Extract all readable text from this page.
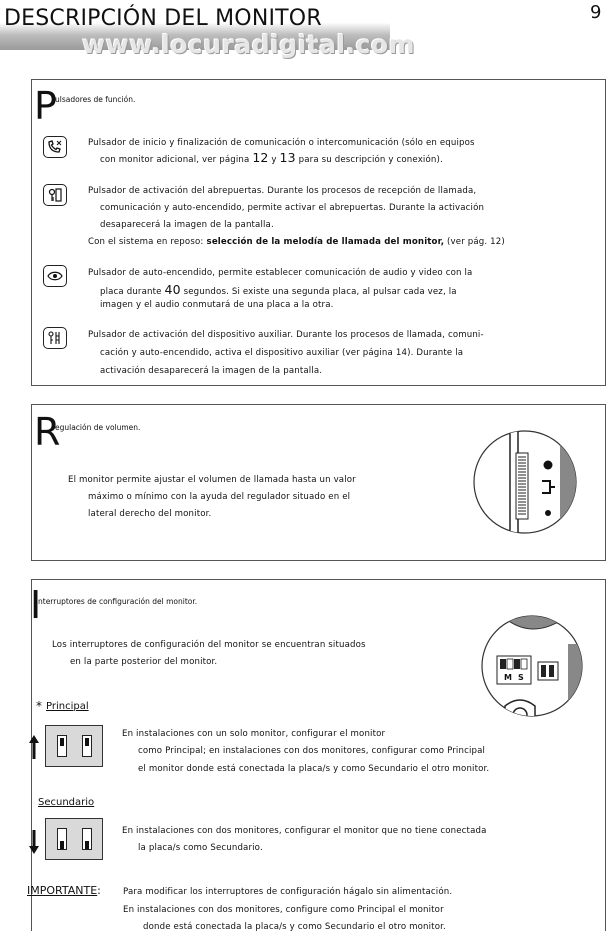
DESCRIPCIÓN DEL MONITOR
www.locuradigital.com
9
P
ulsadores de función.
Pulsador de inicio y finalización de comunicación o intercomunicación (sólo en equipos
con monitor adicional, ver página 12 y 13 para su descripción y conexión).
Pulsador de activación del abrepuertas. Durante los procesos de recepción de llamada,
comunicación y auto-encendido, permite activar el abrepuertas. Durante la activación
desaparecerá la imagen de la pantalla.
Con el sistema en reposo: selección de la melodía de llamada del monitor, (ver pág. 12)
Pulsador de auto-encendido, permite establecer comunicación de audio y video con la
placa durante 40 segundos. Si existe una segunda placa, al pulsar cada vez, la
imagen y el audio conmutará de una placa a la otra.
Pulsador de activación del dispositivo auxiliar. Durante los procesos de llamada, comuni-
cación y auto-encendido, activa el dispositivo auxiliar (ver página 14). Durante la
activación desaparecerá la imagen de la pantalla.
R
egulación de volumen.
El monitor permite ajustar el volumen de llamada hasta un valor
máximo o mínimo con la ayuda del regulador situado en el
lateral derecho del monitor.
I
nterruptores de configuración del monitor.
Los interruptores de configuración del monitor se encuentran situados
en la parte posterior del monitor.
M S
* Principal
En instalaciones con un solo monitor, configurar el monitor
como Principal; en instalaciones con dos monitores, configurar como Principal
el monitor donde está conectada la placa/s y como Secundario el otro monitor.
Secundario
En instalaciones con dos monitores, configurar el monitor que no tiene conectada
la placa/s como Secundario.
IMPORTANTE:	Para modificar los interruptores de configuración hágalo sin alimentación.
En instalaciones con dos monitores, configure como Principal el monitor
donde está conectada la placa/s y como Secundario el otro monitor.
